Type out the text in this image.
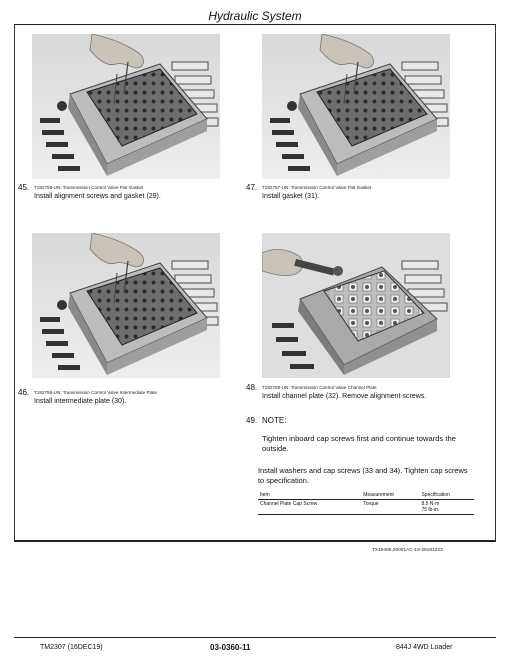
Hydraulic System
45. T182755-UN: Transmission Control Valve Flat Gasket
Install alignment screws and gasket (29).
47. T182757-UN: Transmission Control Valve Flat Gasket
Install gasket (31).
46. T182756-UN: Transmission Control Valve Intermediate Plate
Install intermediate plate (30).
48. T182758-UN: Transmission Control Valve Channel Plate
Install channel plate (32). Remove alignment screws.
49. NOTE:
Tighten inboard cap screws first and continue towards the outside.
Install washers and cap screws (33 and 34). Tighten cap screws to specification.
Item	Measurement	Specification
Channel Plate Cap Screw	Torque	8.5 N·m
75 lb-in.
TX19495,00001AC-19-29181223
TM2307 (16DEC19)	03-0360-11	844J 4WD Loader
